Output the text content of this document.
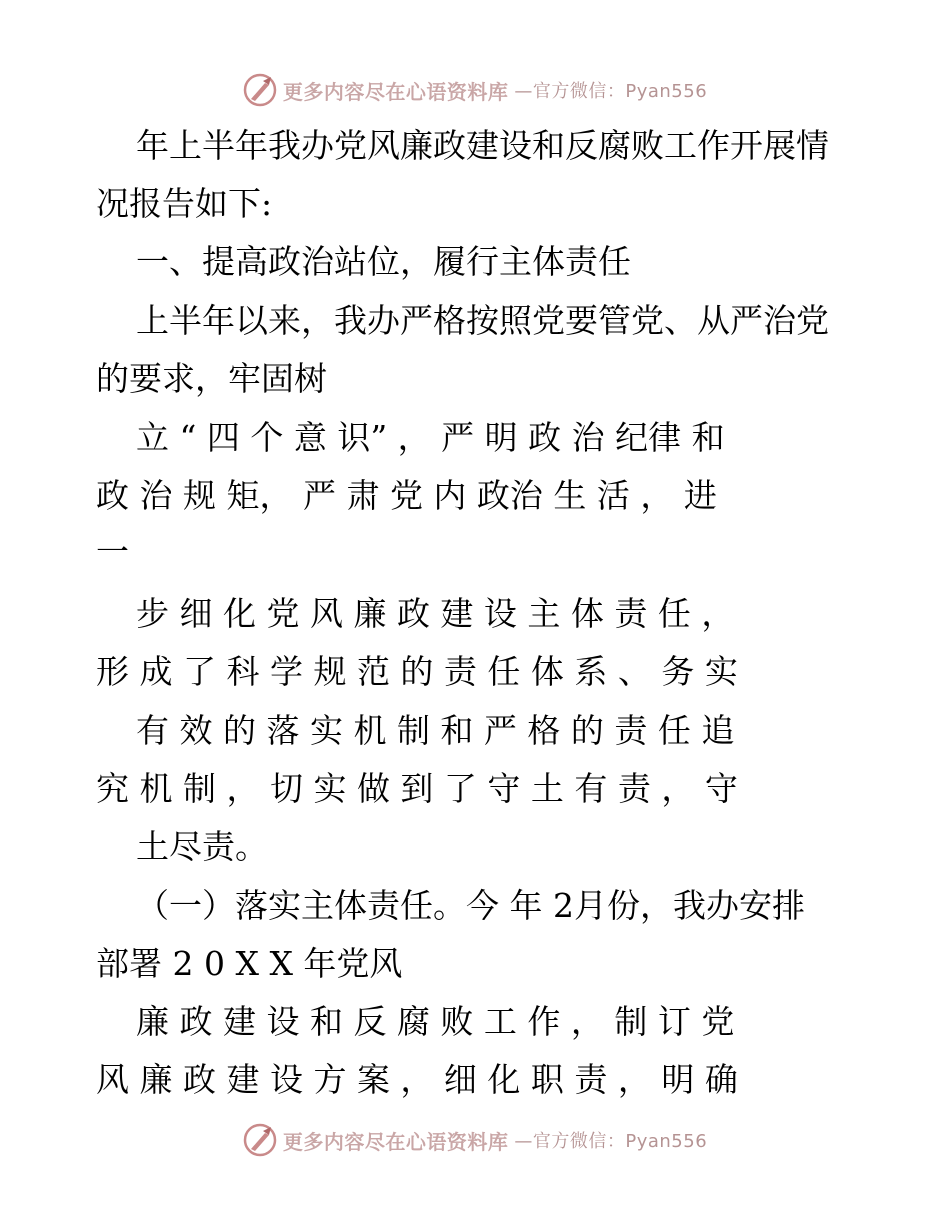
更多内容尽在心语资料库 —官方微信：Pyan556
年上半年我办党风廉政建设和反腐败工作开展情
况报告如下:
一、提高政治站位，履行主体责任
上半年以来，我办严格按照党要管党、从严治党
的要求，牢固树
立 “ 四 个 意 识” ， 严 明 政 治 纪律 和
政 治 规 矩， 严 肃 党 内 政治 生 活 ， 进
一
步 细 化 党 风 廉 政 建 设 主 体 责 任 ，
形 成 了 科 学 规 范 的 责 任 体 系 、 务 实
有 效 的 落 实 机 制 和 严 格 的 责 任 追
究 机 制 ， 切 实 做 到 了 守 土 有 责 ， 守
土尽责。
（一）落实主体责任。今 年 2月份，我办安排
部署 2 0 X X 年党风
廉 政 建 设 和 反 腐 败 工 作 ， 制 订 党
风 廉 政 建 设 方 案 ， 细 化 职 责 ， 明 确
更多内容尽在心语资料库 —官方微信：Pyan556
